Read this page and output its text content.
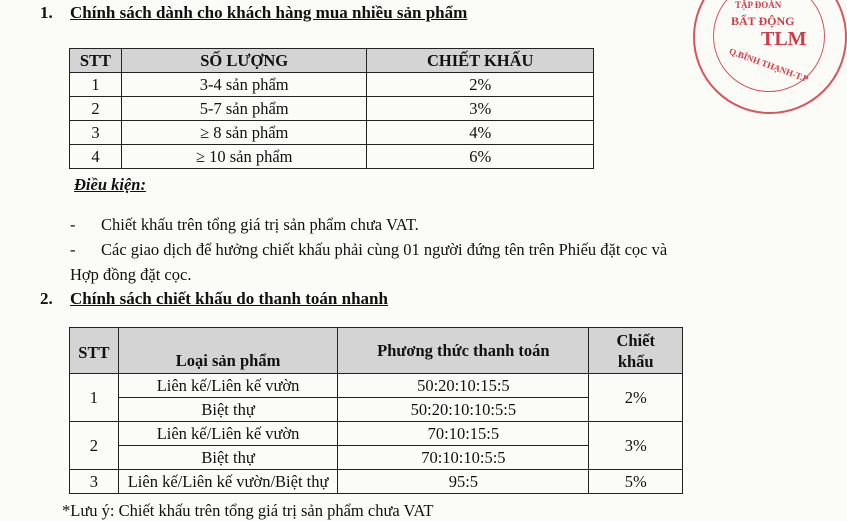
TẬP ĐOÀN
BẤT ĐỘNG
TLM
Q.BÌNH THẠNH-T.P
1. Chính sách dành cho khách hàng mua nhiều sản phẩm
STT	SỐ LƯỢNG	CHIẾT KHẤU
1	3-4 sản phẩm	2%
2	5-7 sản phẩm	3%
3	≥ 8 sản phẩm	4%
4	≥ 10 sản phẩm	6%
Điều kiện:
- Chiết khấu trên tổng giá trị sản phẩm chưa VAT.
- Các giao dịch để hưởng chiết khấu phải cùng 01 người đứng tên trên Phiếu đặt cọc và
Hợp đồng đặt cọc.
2. Chính sách chiết khấu do thanh toán nhanh
STT	Loại sản phẩm	Phương thức thanh toán	Chiết
khấu
1	Liên kế/Liên kế vườn	50:20:10:15:5	2%
	Biệt thự	50:20:10:10:5:5	
2	Liên kế/Liên kế vườn	70:10:15:5	3%
	Biệt thự	70:10:10:5:5	
3	Liên kế/Liên kế vườn/Biệt thự	95:5	5%
*Lưu ý: Chiết khấu trên tổng giá trị sản phẩm chưa VAT
